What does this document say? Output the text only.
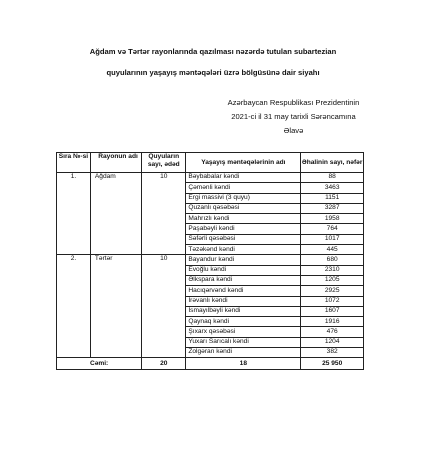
Ağdam və Tərtər rayonlarında qazılması nəzərdə tutulan subartezian
quyularının yaşayış məntəqələri üzrə bölgüsünə dair siyahı
Azərbaycan Respublikası Prezidentinin
2021-ci il 31 may tarixli Sərəncamına
Əlavə
Sıra №-si	Rayonun adı	Quyuların sayı, ədəd	Yaşayış məntəqələrinin adı	Əhalinin sayı, nəfər
1.	Ağdam	10	Bəybabalar kəndi	88
			Çəmənli kəndi	3463
			Ergi massivi (3 quyu)	1151
			Quzanlı qəsəbəsi	3287
			Mahrızlı kəndi	1958
			Paşabəyli kəndi	764
			Səfərli qəsəbəsi	1017
			Təzəkənd kəndi	445
2.	Tərtər	10	Bayandur kəndi	680
			Evoğlu kəndi	2310
			Əlkspara kəndi	1205
			Hacıqərvənd kəndi	2925
			İrəvanlı kəndi	1072
			İsmayılbəyli kəndi	1607
			Qaynaq kəndi	1916
			Şıxarx qəsəbəsi	476
			Yuxarı Sarıcalı kəndi	1204
			Zolgəran kəndi	382
Cəmi:		20	18	25 950
